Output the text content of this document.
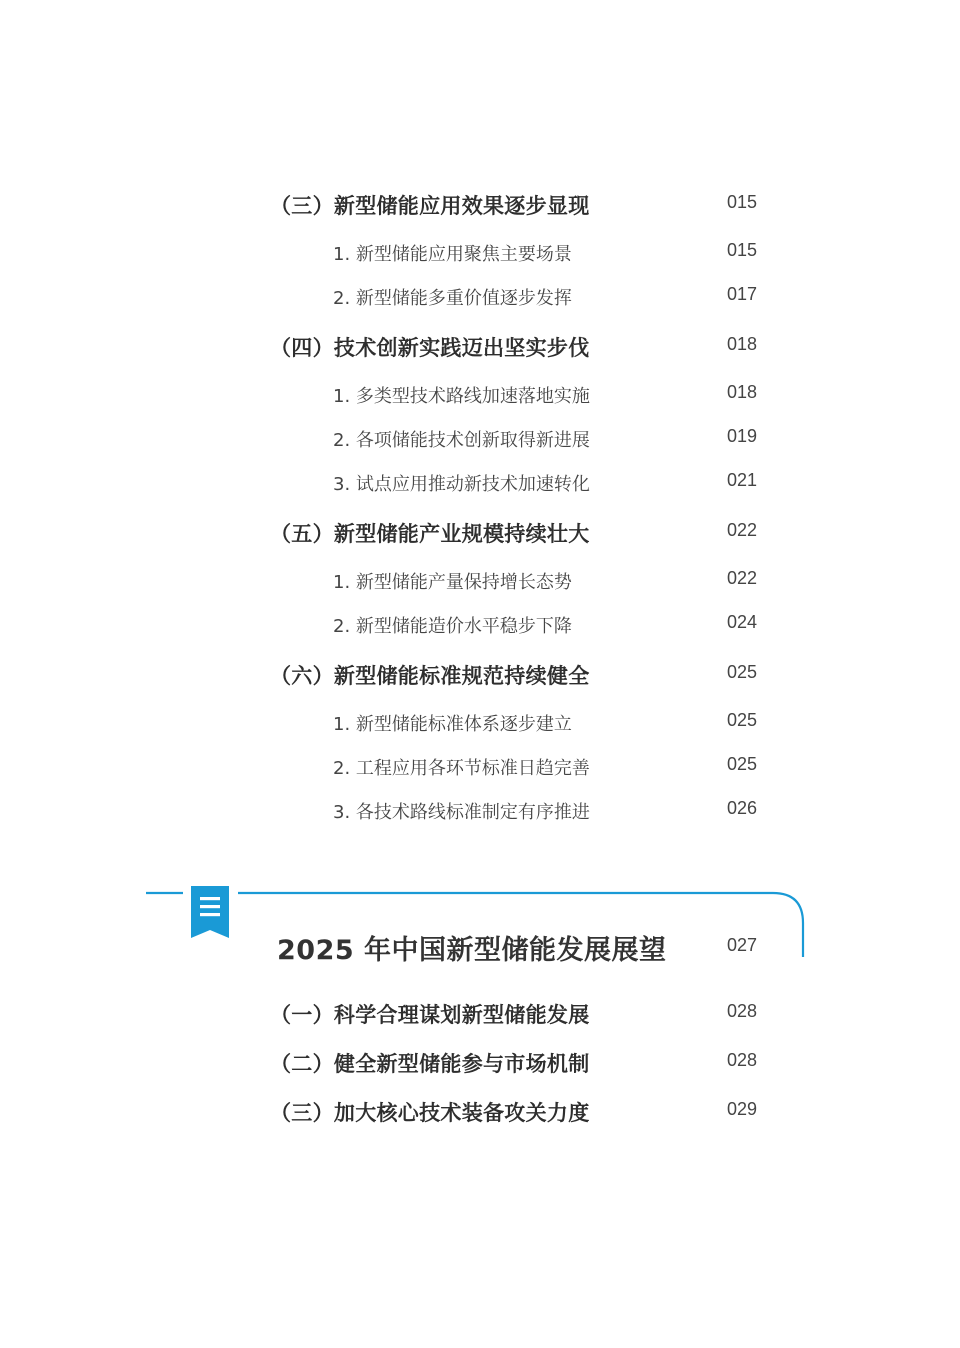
（三）新型储能应用效果逐步显现	015
1. 新型储能应用聚焦主要场景	015
2. 新型储能多重价值逐步发挥	017
（四）技术创新实践迈出坚实步伐	018
1. 多类型技术路线加速落地实施	018
2. 各项储能技术创新取得新进展	019
3. 试点应用推动新技术加速转化	021
（五）新型储能产业规模持续壮大	022
1. 新型储能产量保持增长态势	022
2. 新型储能造价水平稳步下降	024
（六）新型储能标准规范持续健全	025
1. 新型储能标准体系逐步建立	025
2. 工程应用各环节标准日趋完善	025
3. 各技术路线标准制定有序推进	026
2025 年中国新型储能发展展望	027
（一）科学合理谋划新型储能发展	028
（二）健全新型储能参与市场机制	028
（三）加大核心技术装备攻关力度	029
